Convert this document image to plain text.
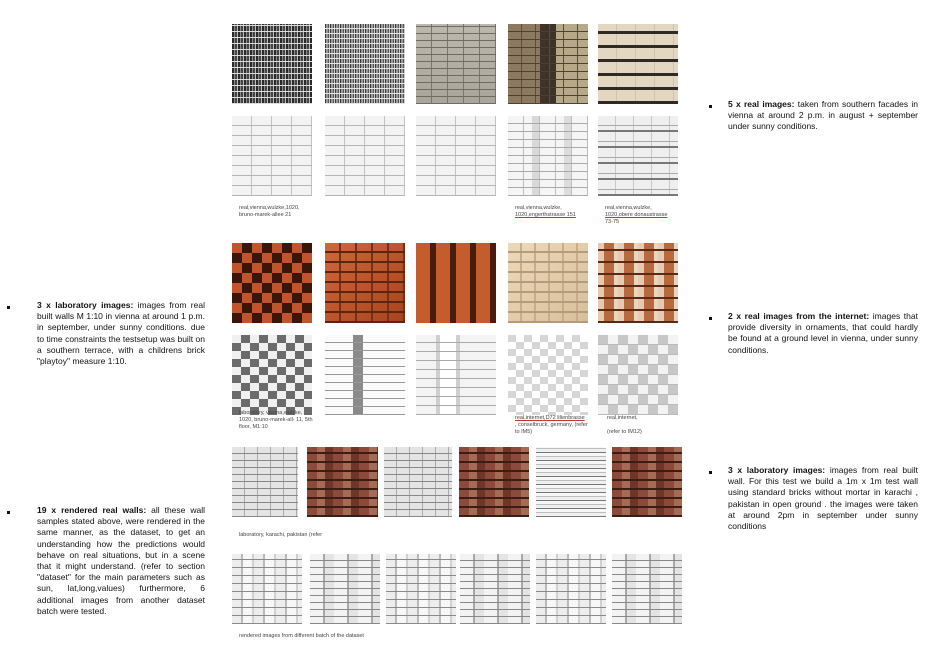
real,vienna,wulzke,1020,
bruno-marek-allee 21
real,vienna,wulzke,
1020,engerthstrasse 151
real,vienna,wulzke,
1020,obere donaustrasse
73-75
laboratory, vienna,wulzke,
1020, bruno-marek-all- 11, 5th
floor, M1:10
real,internet,D72 lilienbrasse
, conselbruck, germany, (refer
to IM5)
real,internet,
(refer to IM12)
laboratory, karachi, pakistan (refer
rendered images from different batch of the dataset
5 x real images: taken from southern facades in vienna at around 2 p.m. in august + september under sunny conditions.
3 x laboratory images: images from real built walls M 1:10 in vienna at around 1 p.m. in september, under sunny conditions. due to time constraints the testsetup was built on a southern terrace, with a childrens brick "playtoy" measure 1:10.
2 x real images from the internet: images that provide diversity in ornaments, that could hardly be found at a ground level in vienna, under sunny conditions.
3 x laboratory images: images from real built wall. For this test we build a 1m x 1m test wall using standard bricks without mortar in karachi , pakistan in open ground . the images were taken at around 2pm in september under sunny conditions
19 x rendered real walls: all these wall samples stated above, were rendered in the same manner, as the dataset, to get an understanding how the predictions would behave on real situations, but in a scene that it might understand. (refer to section "dataset" for the main parameters such as sun, lat,long,values) furthermore, 6 additional images from another dataset batch were tested.
